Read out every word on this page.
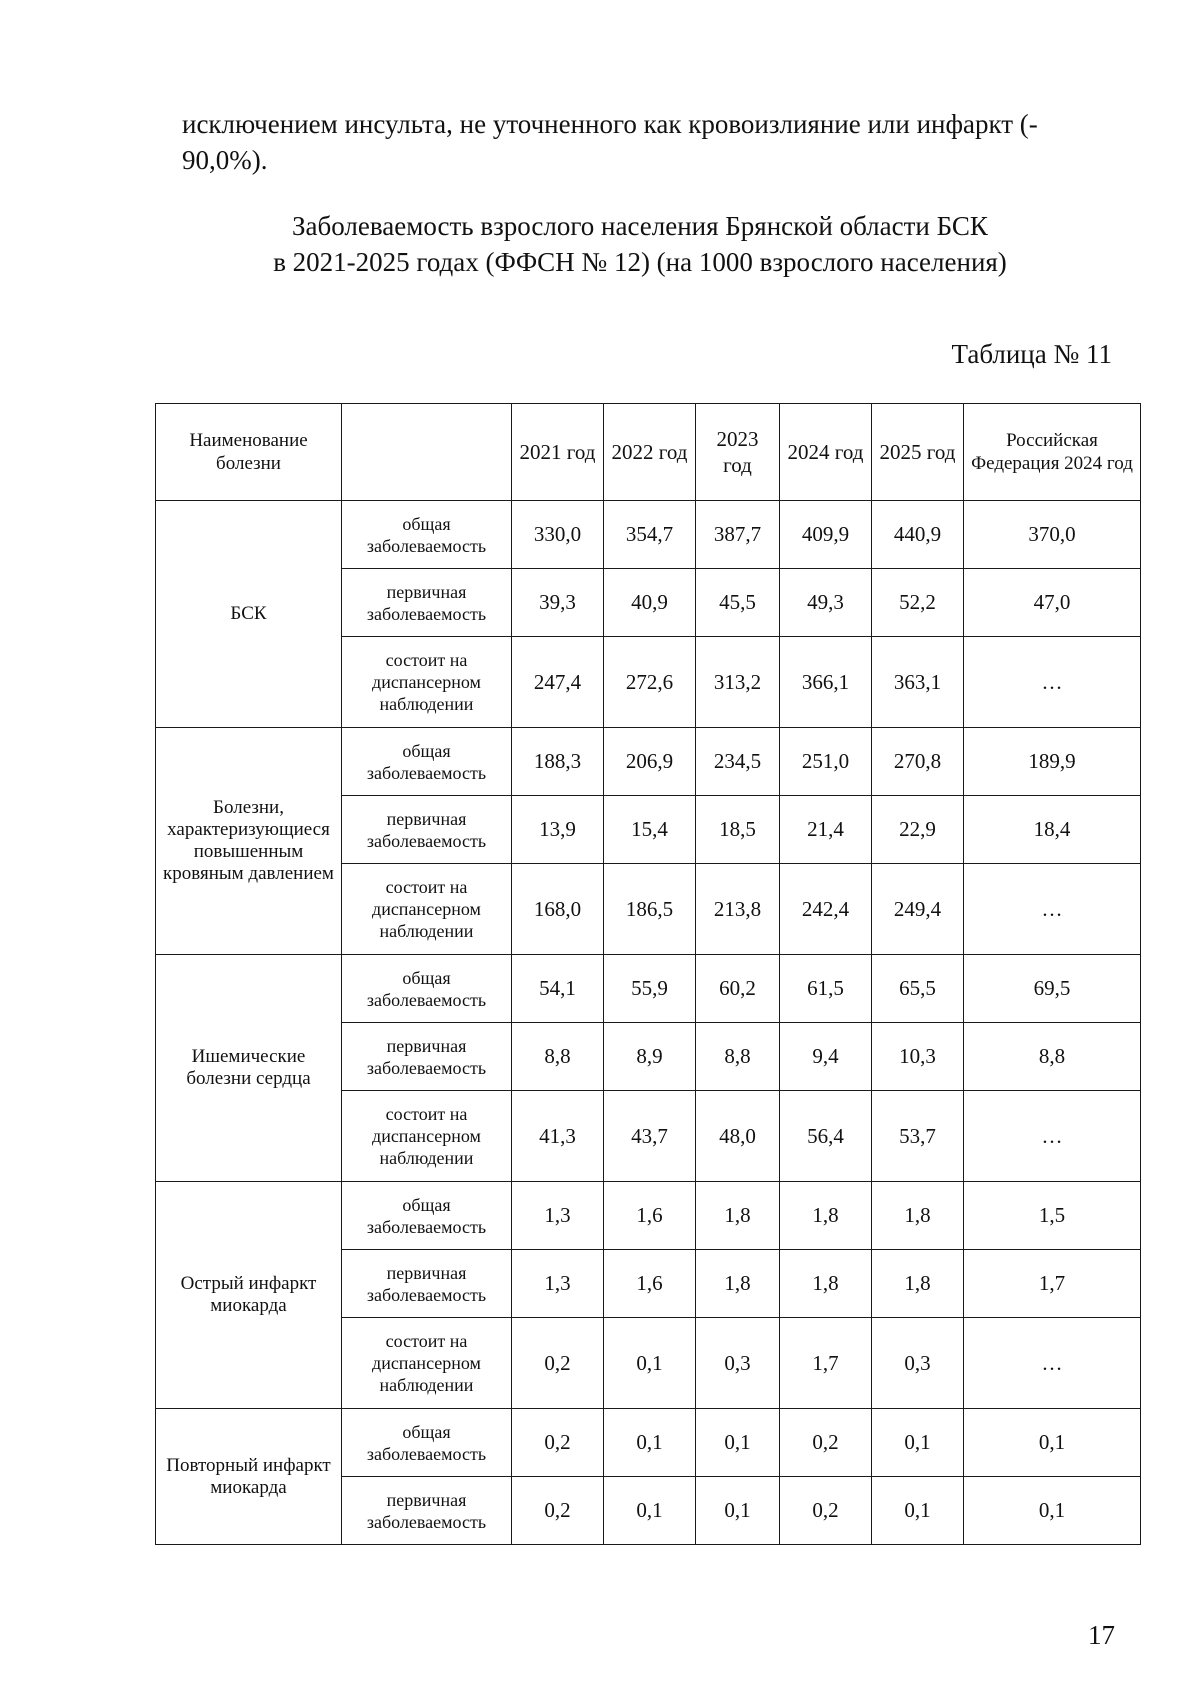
исключением инсульта, не уточненного как кровоизлияние или инфаркт (-
90,0%).

Заболеваемость взрослого населения Брянской области БСК
в 2021-2025 годах (ФФСН № 12) (на 1000 взрослого населения)

Таблица № 11

Наименование болезни		2021 год	2022 год	2023 год	2024 год	2025 год	Российская Федерация 2024 год
БСК	общая заболеваемость	330,0	354,7	387,7	409,9	440,9	370,0
	первичная заболеваемость	39,3	40,9	45,5	49,3	52,2	47,0
	состоит на диспансерном наблюдении	247,4	272,6	313,2	366,1	363,1	…
Болезни, характеризующиеся повышенным кровяным давлением	общая заболеваемость	188,3	206,9	234,5	251,0	270,8	189,9
	первичная заболеваемость	13,9	15,4	18,5	21,4	22,9	18,4
	состоит на диспансерном наблюдении	168,0	186,5	213,8	242,4	249,4	…
Ишемические болезни сердца	общая заболеваемость	54,1	55,9	60,2	61,5	65,5	69,5
	первичная заболеваемость	8,8	8,9	8,8	9,4	10,3	8,8
	состоит на диспансерном наблюдении	41,3	43,7	48,0	56,4	53,7	…
Острый инфаркт миокарда	общая заболеваемость	1,3	1,6	1,8	1,8	1,8	1,5
	первичная заболеваемость	1,3	1,6	1,8	1,8	1,8	1,7
	состоит на диспансерном наблюдении	0,2	0,1	0,3	1,7	0,3	…
Повторный инфаркт миокарда	общая заболеваемость	0,2	0,1	0,1	0,2	0,1	0,1
	первичная заболеваемость	0,2	0,1	0,1	0,2	0,1	0,1

17
